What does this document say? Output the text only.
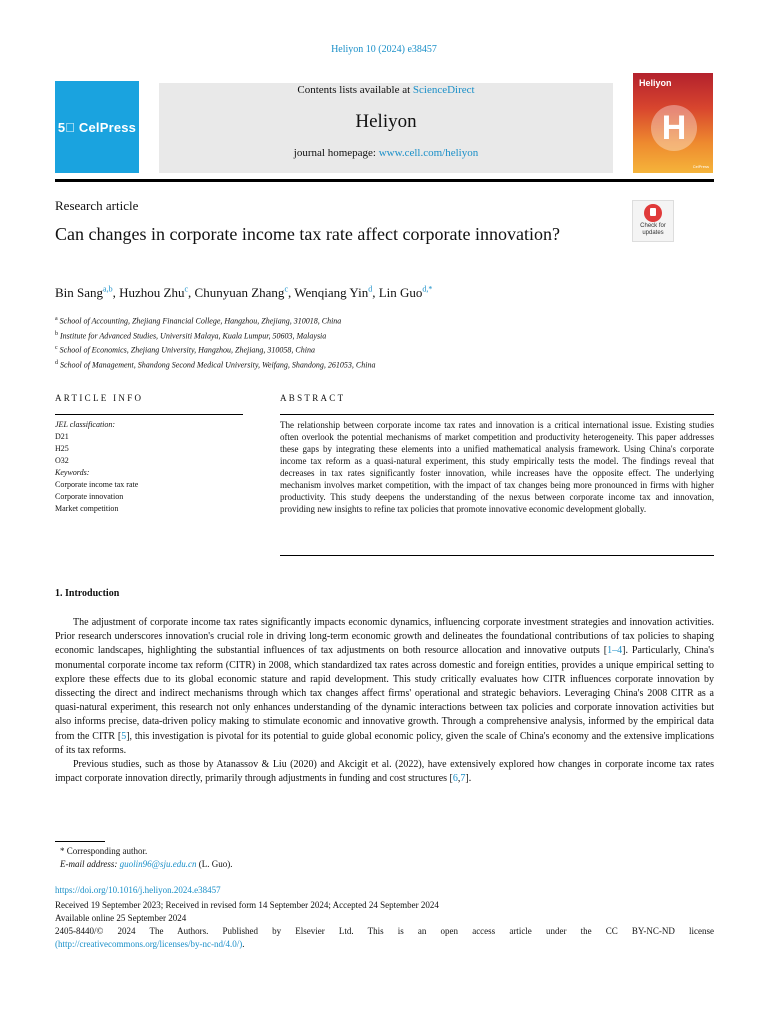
Heliyon 10 (2024) e38457
5⃝ CelPress
Contents lists available at ScienceDirect
Heliyon
journal homepage: www.cell.com/heliyon
Heliyon
H
CelPress
Research article
Can changes in corporate income tax rate affect corporate innovation?	Check for updates
Bin Sang$^{a,b}$, Huzhou Zhu$^c$, Chunyuan Zhang$^c$, Wenqiang Yin$^d$, Lin Guo$^{d,*}$
$^a$ School of Accounting, Zhejiang Financial College, Hangzhou, Zhejiang, 310018, China
$^b$ Institute for Advanced Studies, Universiti Malaya, Kuala Lumpur, 50603, Malaysia
$^c$ School of Economics, Zhejiang University, Hangzhou, Zhejiang, 310058, China
$^d$ School of Management, Shandong Second Medical University, Weifang, Shandong, 261053, China
ARTICLE INFO	ABSTRACT
JEL classification:
D21
H25
O32
Keywords:
Corporate income tax rate
Corporate innovation
Market competition
The relationship between corporate income tax rates and innovation is a critical international issue. Existing studies often overlook the potential mechanisms of market competition and productivity heterogeneity. This paper addresses these gaps by integrating these elements into a unified mathematical analysis framework. Using China's corporate income tax reform as a quasi-natural experiment, this study empirically tests the model. The findings reveal that decreases in tax rates significantly foster innovation, while increases have the opposite effect. The underlying mechanism involves market competition, with the impact of tax changes being more pronounced in firms with higher productivity. This study deepens the understanding of the nexus between corporate income tax and innovation, providing new insights to refine tax policies that promote innovative economic development globally.
1. Introduction

The adjustment of corporate income tax rates significantly impacts economic dynamics, influencing corporate investment strategies and innovation activities. Prior research underscores innovation's crucial role in driving long-term economic growth and delineates the foundational contributions of tax policies to shaping economic landscapes, highlighting the substantial influences of tax adjustments on both resource allocation and innovative outputs [1–4]. Particularly, China's monumental corporate income tax reform (CITR) in 2008, which standardized tax rates across domestic and foreign entities, provides a unique empirical setting to explore these effects due to its global economic stature and rapid development. This study critically evaluates how CITR influences corporate innovation by dissecting the direct and indirect mechanisms through which tax changes affect firms' operational and strategic behaviors. Leveraging China's 2008 CITR as a quasi-natural experiment, this research not only enhances understanding of the dynamic interactions between tax policies and corporate innovation activities but also informs precise, data-driven policy making to stimulate economic and innovative growth. Through a comprehensive analysis, informed by the empirical data from the CITR [5], this investigation is pivotal for its potential to guide global economic policy, given the scale of China's economy and the extensive implications of its tax reforms.

Previous studies, such as those by Atanassov & Liu (2020) and Akcigit et al. (2022), have extensively explored how changes in corporate income tax rates impact corporate innovation directly, primarily through adjustments in funding and cost structures [6,7].

* Corresponding author.
E-mail address: guolin96@sju.edu.cn (L. Guo).
https://doi.org/10.1016/j.heliyon.2024.e38457
Received 19 September 2023; Received in revised form 14 September 2024; Accepted 24 September 2024
Available online 25 September 2024
2405-8440/© 2024 The Authors. Published by Elsevier Ltd. This is an open access article under the CC BY-NC-ND license
(http://creativecommons.org/licenses/by-nc-nd/4.0/).
